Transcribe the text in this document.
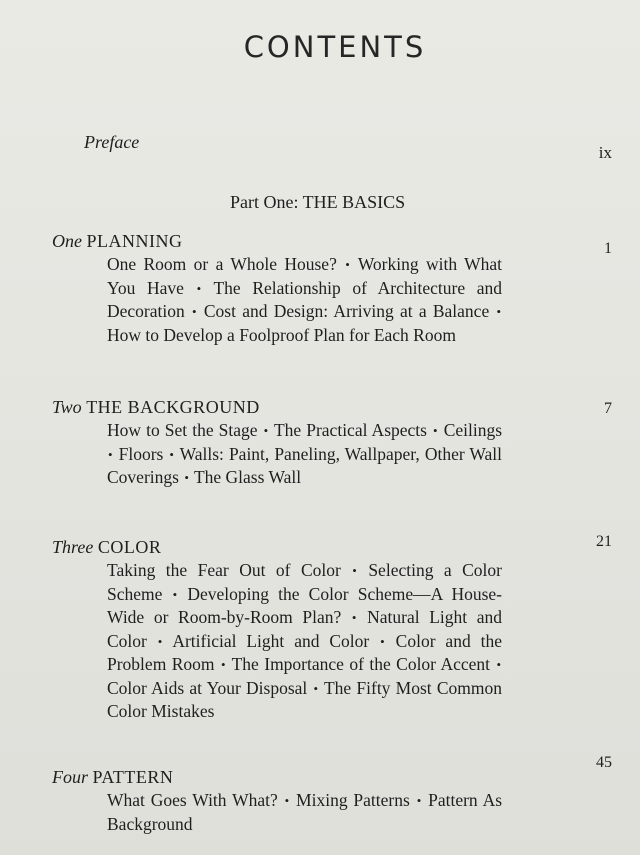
CONTENTS
Preface
ix
Part One: THE BASICS
One PLANNING
One Room or a Whole House? • Working with What You Have • The Relationship of Architecture and Decoration • Cost and Design: Arriving at a Balance • How to Develop a Foolproof Plan for Each Room
1
Two THE BACKGROUND
How to Set the Stage • The Practical Aspects • Ceilings • Floors • Walls: Paint, Paneling, Wallpaper, Other Wall Coverings • The Glass Wall
7
Three COLOR
Taking the Fear Out of Color • Selecting a Color Scheme • Developing the Color Scheme—A House-Wide or Room-by-Room Plan? • Natural Light and Color • Artificial Light and Color • Color and the Problem Room • The Importance of the Color Accent • Color Aids at Your Disposal • The Fifty Most Common Color Mistakes
21
Four PATTERN
What Goes With What? • Mixing Patterns • Pattern As Background
45
